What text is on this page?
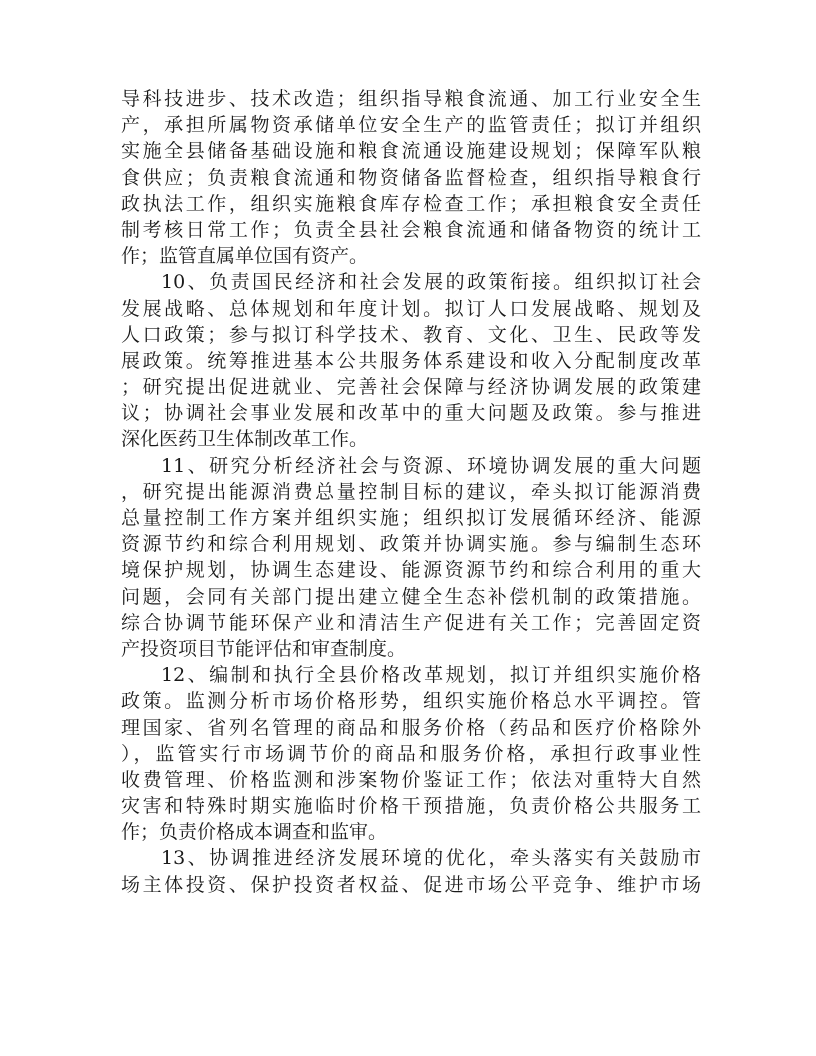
导科技进步、技术改造；组织指导粮食流通、加工行业安全生
产，承担所属物资承储单位安全生产的监管责任；拟订并组织
实施全县储备基础设施和粮食流通设施建设规划；保障军队粮
食供应；负责粮食流通和物资储备监督检查，组织指导粮食行
政执法工作，组织实施粮食库存检查工作；承担粮食安全责任
制考核日常工作；负责全县社会粮食流通和储备物资的统计工
作；监管直属单位国有资产。
10、负责国民经济和社会发展的政策衔接。组织拟订社会
发展战略、总体规划和年度计划。拟订人口发展战略、规划及
人口政策；参与拟订科学技术、教育、文化、卫生、民政等发
展政策。统筹推进基本公共服务体系建设和收入分配制度改革
；研究提出促进就业、完善社会保障与经济协调发展的政策建
议；协调社会事业发展和改革中的重大问题及政策。参与推进
深化医药卫生体制改革工作。
11、研究分析经济社会与资源、环境协调发展的重大问题
，研究提出能源消费总量控制目标的建议，牵头拟订能源消费
总量控制工作方案并组织实施；组织拟订发展循环经济、能源
资源节约和综合利用规划、政策并协调实施。参与编制生态环
境保护规划，协调生态建设、能源资源节约和综合利用的重大
问题，会同有关部门提出建立健全生态补偿机制的政策措施。
综合协调节能环保产业和清洁生产促进有关工作；完善固定资
产投资项目节能评估和审查制度。
12、编制和执行全县价格改革规划，拟订并组织实施价格
政策。监测分析市场价格形势，组织实施价格总水平调控。管
理国家、省列名管理的商品和服务价格（药品和医疗价格除外
），监管实行市场调节价的商品和服务价格，承担行政事业性
收费管理、价格监测和涉案物价鉴证工作；依法对重特大自然
灾害和特殊时期实施临时价格干预措施，负责价格公共服务工
作；负责价格成本调查和监审。
13、协调推进经济发展环境的优化，牵头落实有关鼓励市
场主体投资、保护投资者权益、促进市场公平竞争、维护市场
